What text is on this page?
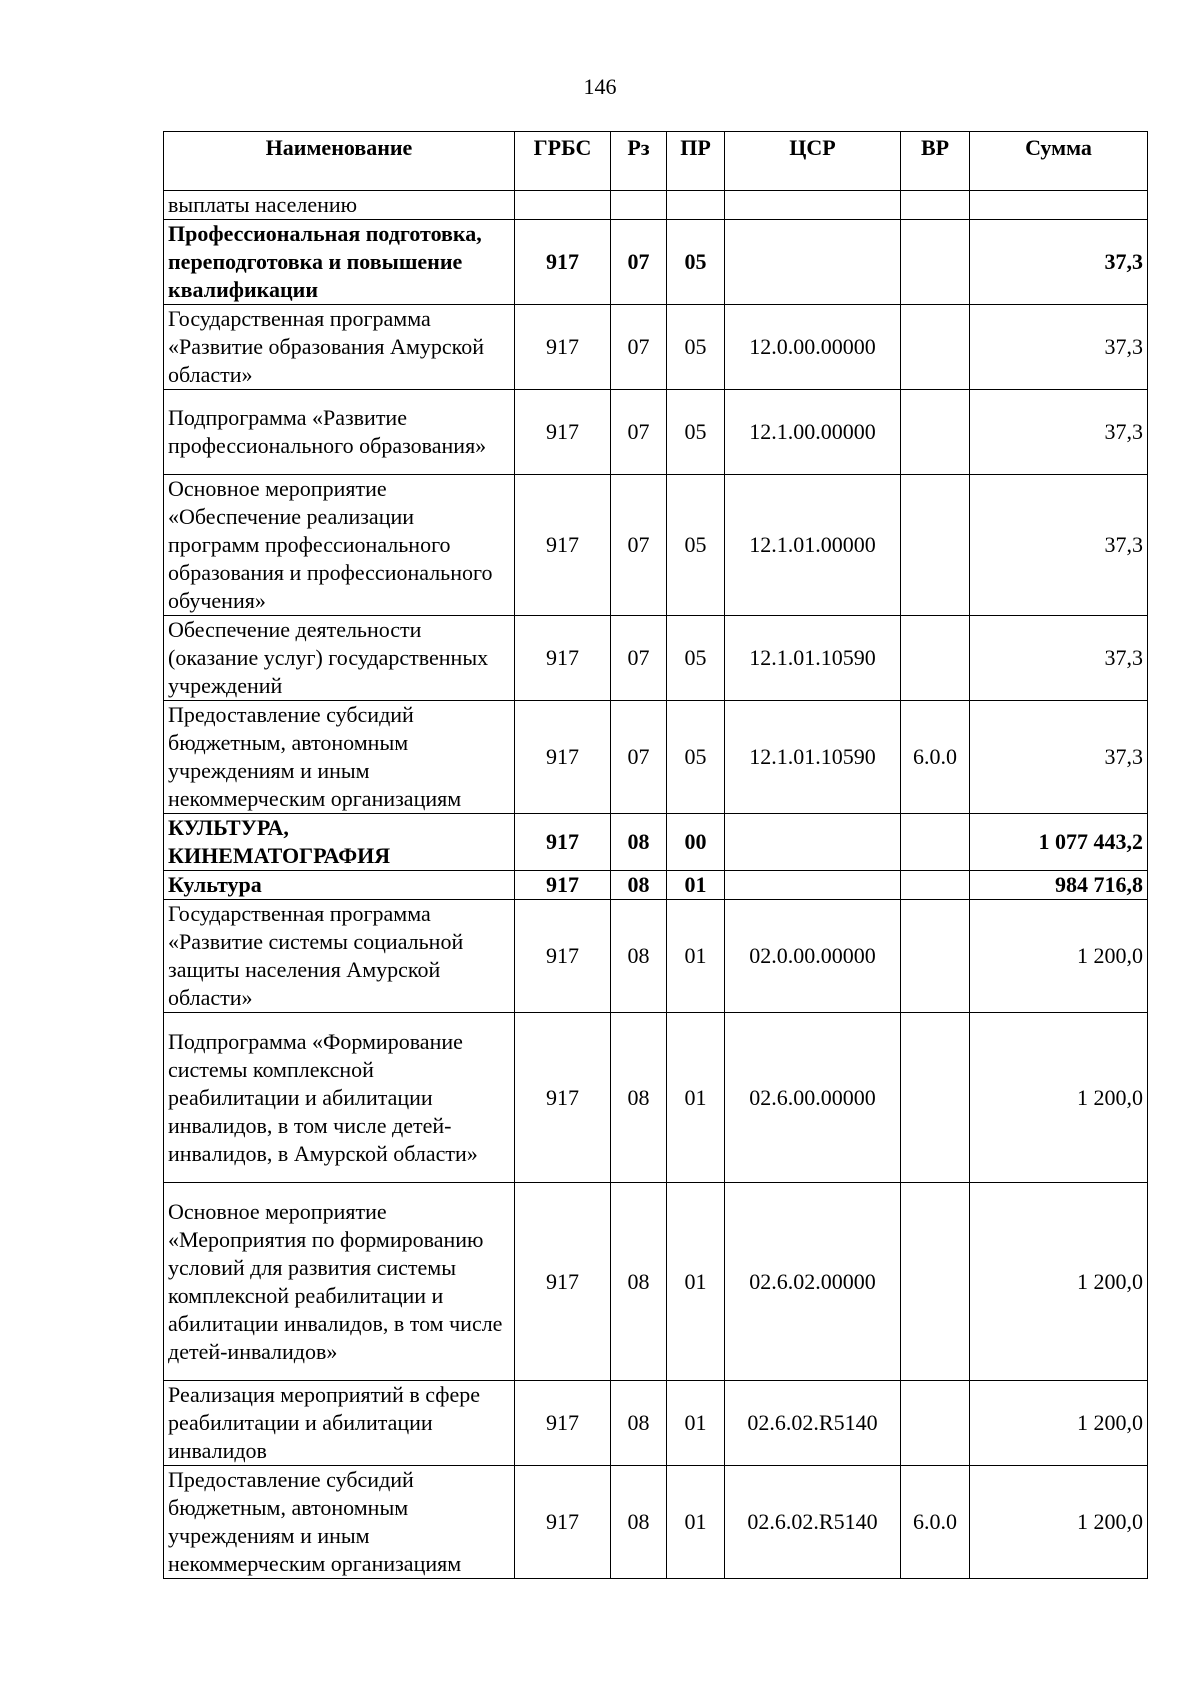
146
Наименование	ГРБС	Рз	ПР	ЦСР	ВР	Сумма
выплаты населению						
Профессиональная подготовка, переподготовка и повышение квалификации	917	07	05			37,3
Государственная программа «Развитие образования Амурской области»	917	07	05	12.0.00.00000		37,3
Подпрограмма «Развитие профессионального образования»	917	07	05	12.1.00.00000		37,3
Основное мероприятие «Обеспечение реализации программ профессионального образования и профессионального обучения»	917	07	05	12.1.01.00000		37,3
Обеспечение деятельности (оказание услуг) государственных учреждений	917	07	05	12.1.01.10590		37,3
Предоставление субсидий бюджетным, автономным учреждениям и иным некоммерческим организациям	917	07	05	12.1.01.10590	6.0.0	37,3
КУЛЬТУРА, КИНЕМАТОГРАФИЯ	917	08	00			1 077 443,2
Культура	917	08	01			984 716,8
Государственная программа «Развитие системы социальной защиты населения Амурской области»	917	08	01	02.0.00.00000		1 200,0
Подпрограмма «Формирование системы комплексной реабилитации и абилитации инвалидов, в том числе детей-инвалидов, в Амурской области»	917	08	01	02.6.00.00000		1 200,0
Основное мероприятие «Мероприятия по формированию условий для развития системы комплексной реабилитации и абилитации инвалидов, в том числе детей-инвалидов»	917	08	01	02.6.02.00000		1 200,0
Реализация мероприятий в сфере реабилитации и абилитации инвалидов	917	08	01	02.6.02.R5140		1 200,0
Предоставление субсидий бюджетным, автономным учреждениям и иным некоммерческим организациям	917	08	01	02.6.02.R5140	6.0.0	1 200,0
